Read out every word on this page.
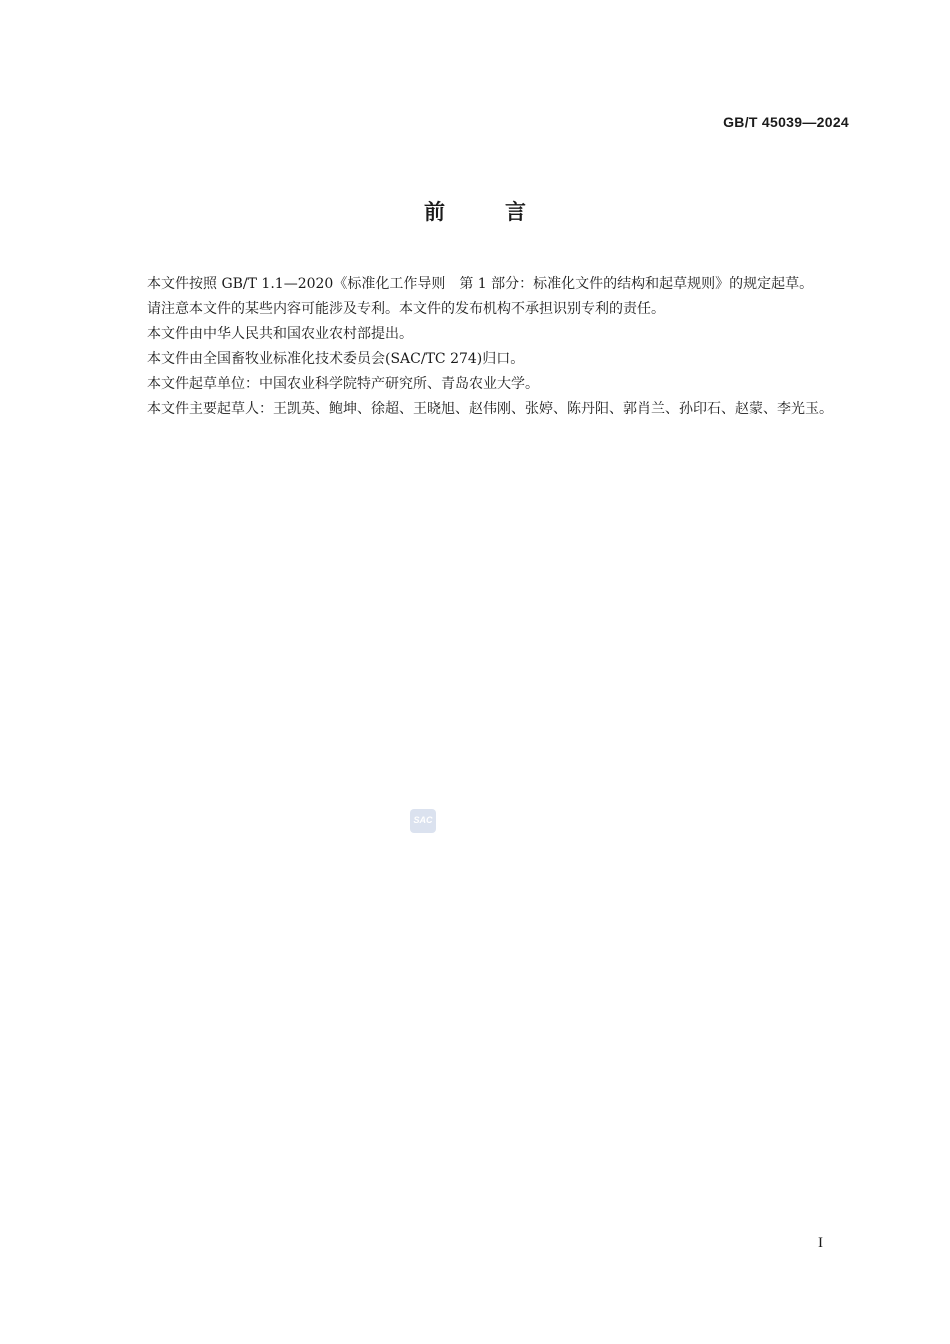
GB/T 45039—2024
前言

本文件按照 GB/T 1.1—2020《标准化工作导则　第 1 部分：标准化文件的结构和起草规则》的规定起草。

请注意本文件的某些内容可能涉及专利。本文件的发布机构不承担识别专利的责任。

本文件由中华人民共和国农业农村部提出。

本文件由全国畜牧业标准化技术委员会(SAC/TC 274)归口。

本文件起草单位：中国农业科学院特产研究所、青岛农业大学。

本文件主要起草人：王凯英、鲍坤、徐超、王晓旭、赵伟刚、张婷、陈丹阳、郭肖兰、孙印石、赵蒙、李光玉。

SAC
I
